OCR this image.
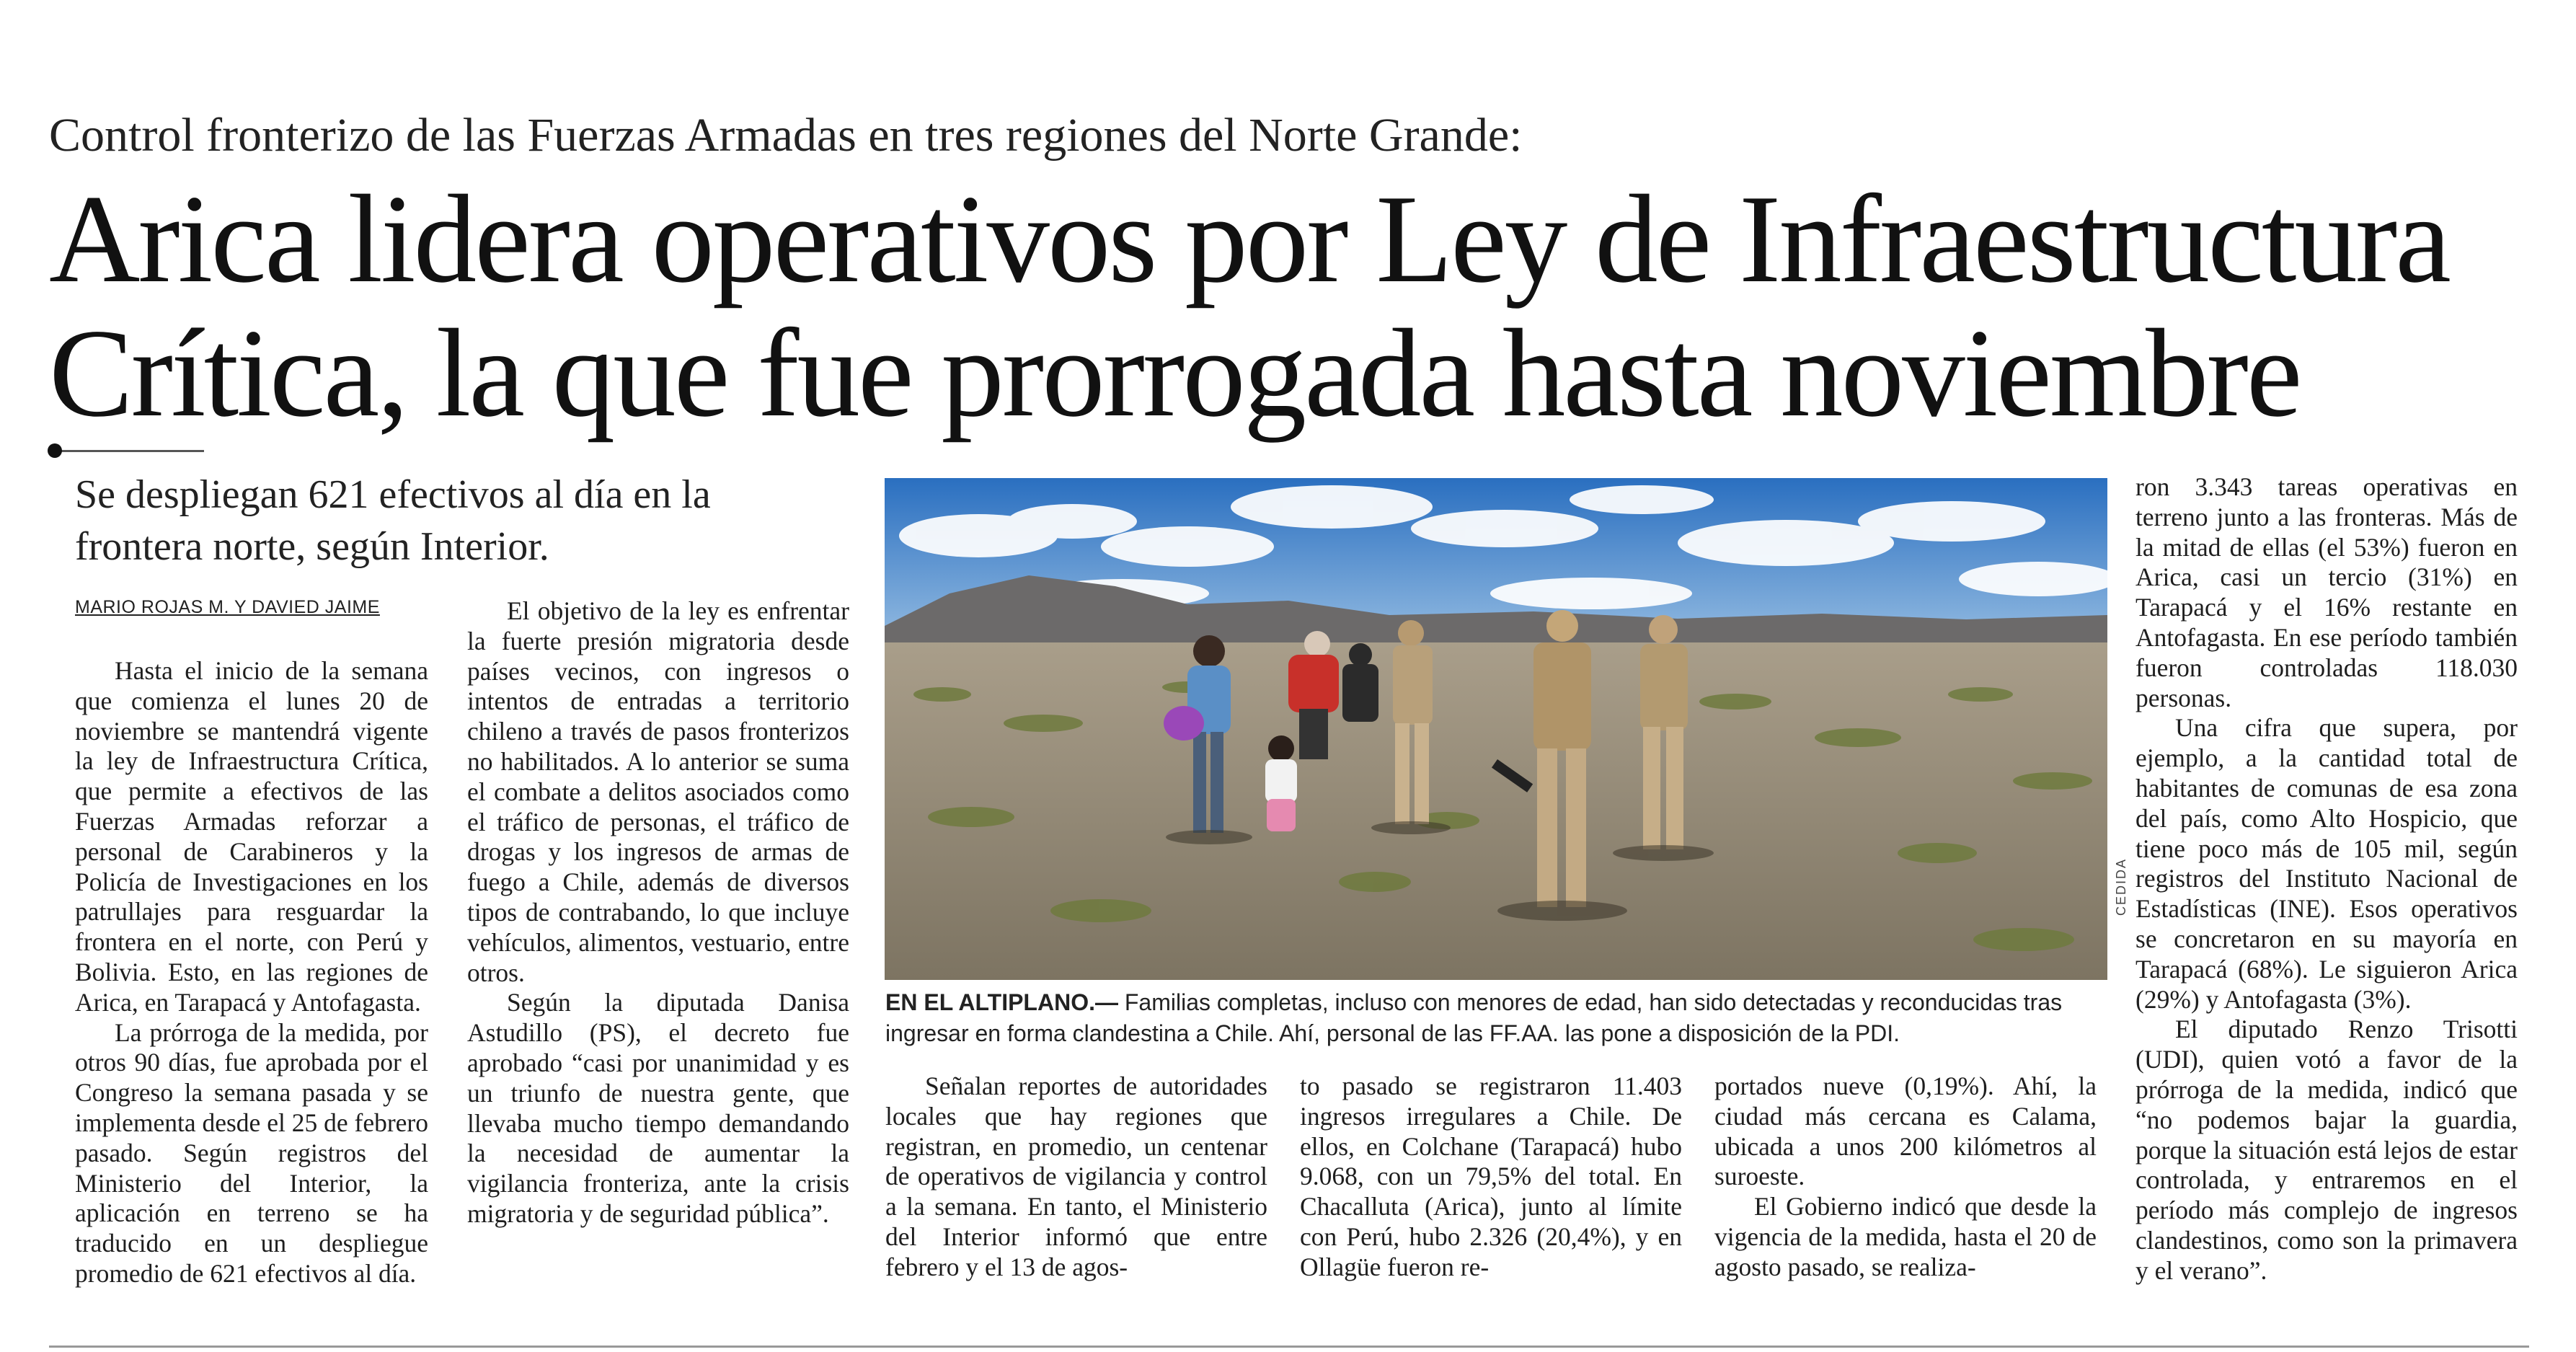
Control fronterizo de las Fuerzas Armadas en tres regiones del Norte Grande:
Arica lidera operativos por Ley de Infraestructura
Crítica, la que fue prorrogada hasta noviembre
Se despliegan 621 efectivos al día en la frontera norte, según Interior.
MARIO ROJAS M. Y DAVIED JAIME

Hasta el inicio de la semana que comienza el lunes 20 de noviembre se mantendrá vigente la ley de Infraestructura Crítica, que permite a efectivos de las Fuerzas Armadas reforzar a personal de Carabineros y la Policía de Investigaciones en los patrullajes para resguardar la frontera en el norte, con Perú y Bolivia. Esto, en las regiones de Arica, en Tarapacá y Antofagasta.

La prórroga de la medida, por otros 90 días, fue aprobada por el Congreso la semana pasada y se implementa desde el 25 de febrero pasado. Según registros del Ministerio del Interior, la aplicación en terreno se ha traducido en un despliegue promedio de 621 efectivos al día.

El objetivo de la ley es enfrentar la fuerte presión migratoria desde países vecinos, con ingresos o intentos de entradas a territorio chileno a través de pasos fronterizos no habilitados. A lo anterior se suma el combate a delitos asociados como el tráfico de personas, el tráfico de drogas y los ingresos de armas de fuego a Chile, además de diversos tipos de contrabando, lo que incluye vehículos, alimentos, vestuario, entre otros.

Según la diputada Danisa Astudillo (PS), el decreto fue aprobado “casi por unanimidad y es un triunfo de nuestra gente, que llevaba mucho tiempo demandando la necesidad de aumentar la vigilancia fronteriza, ante la crisis migratoria y de seguridad pública”.

CEDIDA
EN EL ALTIPLANO.— Familias completas, incluso con menores de edad, han sido detectadas y reconducidas tras ingresar en forma clandestina a Chile. Ahí, personal de las FF.AA. las pone a disposición de la PDI.

Señalan reportes de autoridades locales que hay regiones que registran, en promedio, un centenar de operativos de vigilancia y control a la semana. En tanto, el Ministerio del Interior informó que entre febrero y el 13 de agos-

to pasado se registraron 11.403 ingresos irregulares a Chile. De ellos, en Colchane (Tarapacá) hubo 9.068, con un 79,5% del total. En Chacalluta (Arica), junto al límite con Perú, hubo 2.326 (20,4%), y en Ollagüe fueron re-

portados nueve (0,19%). Ahí, la ciudad más cercana es Calama, ubicada a unos 200 kilómetros al suroeste.

El Gobierno indicó que desde la vigencia de la medida, hasta el 20 de agosto pasado, se realiza-

ron 3.343 tareas operativas en terreno junto a las fronteras. Más de la mitad de ellas (el 53%) fueron en Arica, casi un tercio (31%) en Tarapacá y el 16% restante en Antofagasta. En ese período también fueron controladas 118.030 personas.

Una cifra que supera, por ejemplo, a la cantidad total de habitantes de comunas de esa zona del país, como Alto Hospicio, que tiene poco más de 105 mil, según registros del Instituto Nacional de Estadísticas (INE). Esos operativos se concretaron en su mayoría en Tarapacá (68%). Le siguieron Arica (29%) y Antofagasta (3%).

El diputado Renzo Trisotti (UDI), quien votó a favor de la prórroga de la medida, indicó que “no podemos bajar la guardia, porque la situación está lejos de estar controlada, y entraremos en el período más complejo de ingresos clandestinos, como son la primavera y el verano”.
